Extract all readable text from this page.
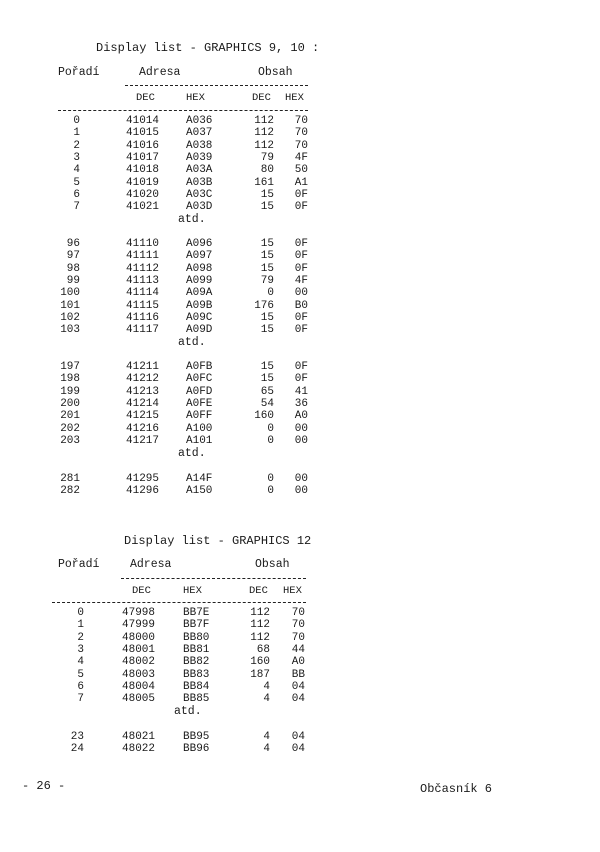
Display list - GRAPHICS 9, 10 :
Pořadí	Adresa	Obsah
DEC	HEX	DEC HEX
0	41014	A036	112	70
1	41015	A037	112	70
2	41016	A038	112	70
3	41017	A039	79	4F
4	41018	A03A	80	50
5	41019	A03B	161	A1
6	41020	A03C	15	0F
7	41021	A03D	15	0F
atd.
96	41110	A096	15	0F
97	41111	A097	15	0F
98	41112	A098	15	0F
99	41113	A099	79	4F
100	41114	A09A	0	00
101	41115	A09B	176	B0
102	41116	A09C	15	0F
103	41117	A09D	15	0F
atd.
197	41211	A0FB	15	0F
198	41212	A0FC	15	0F
199	41213	A0FD	65	41
200	41214	A0FE	54	36
201	41215	A0FF	160	A0
202	41216	A100	0	00
203	41217	A101	0	00
atd.
281	41295	A14F	0	00
282	41296	A150	0	00
Display list - GRAPHICS 12
Pořadí	Adresa	Obsah
DEC	HEX	DEC HEX
0	47998	BB7E	112	70
1	47999	BB7F	112	70
2	48000	BB80	112	70
3	48001	BB81	68	44
4	48002	BB82	160	A0
5	48003	BB83	187	BB
6	48004	BB84	4	04
7	48005	BB85	4	04
atd.
23	48021	BB95	4	04
24	48022	BB96	4	04
- 26 -	Občasník 6
